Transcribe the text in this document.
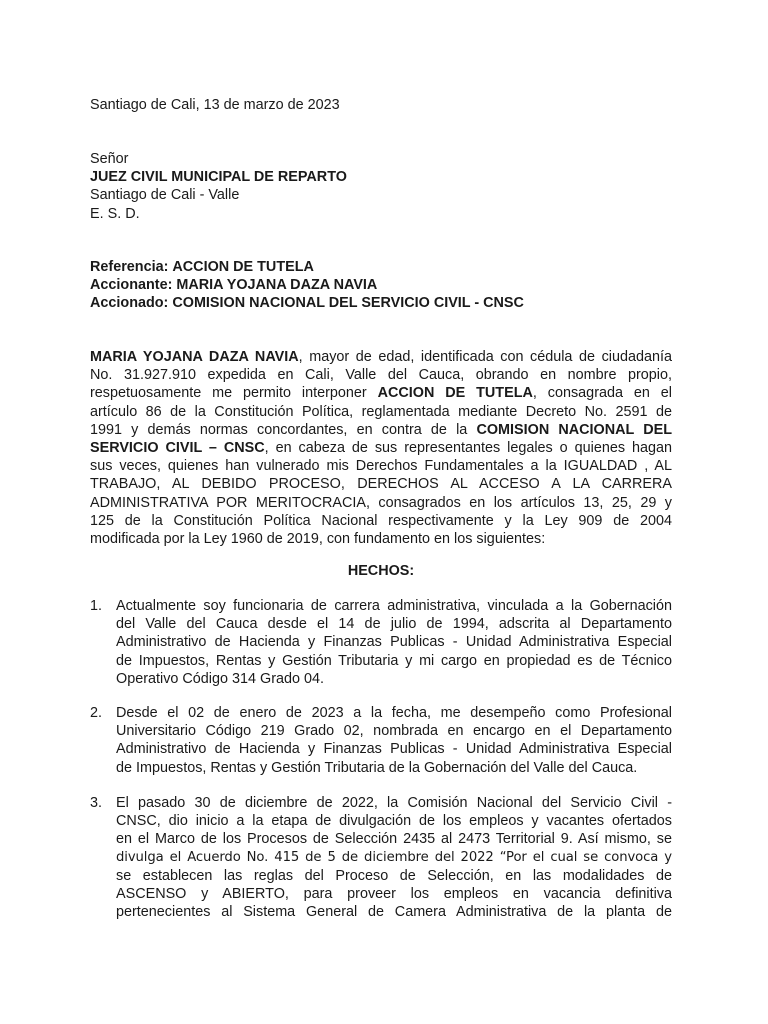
Santiago de Cali, 13 de marzo de 2023
Señor
JUEZ CIVIL MUNICIPAL DE REPARTO
Santiago de Cali - Valle
E. S. D.
Referencia: ACCION DE TUTELA
Accionante: MARIA YOJANA DAZA NAVIA
Accionado: COMISION NACIONAL DEL SERVICIO CIVIL - CNSC
MARIA YOJANA DAZA NAVIA, mayor de edad, identificada con cédula de ciudadanía
No. 31.927.910 expedida en Cali, Valle del Cauca, obrando en nombre propio,
respetuosamente me permito interponer ACCION DE TUTELA, consagrada en el
artículo 86 de la Constitución Política, reglamentada mediante Decreto No. 2591 de
1991 y demás normas concordantes, en contra de la COMISION NACIONAL DEL
SERVICIO CIVIL – CNSC, en cabeza de sus representantes legales o quienes hagan
sus veces, quienes han vulnerado mis Derechos Fundamentales a la IGUALDAD , AL
TRABAJO, AL DEBIDO PROCESO, DERECHOS AL ACCESO A LA CARRERA
ADMINISTRATIVA POR MERITOCRACIA, consagrados en los artículos 13, 25, 29 y
125 de la Constitución Política Nacional respectivamente y la Ley 909 de 2004
modificada por la Ley 1960 de 2019, con fundamento en los siguientes:
HECHOS:
1. Actualmente soy funcionaria de carrera administrativa, vinculada a la Gobernación
del Valle del Cauca desde el 14 de julio de 1994, adscrita al Departamento
Administrativo de Hacienda y Finanzas Publicas - Unidad Administrativa Especial
de Impuestos, Rentas y Gestión Tributaria y mi cargo en propiedad es de Técnico
Operativo Código 314 Grado 04.
2. Desde el 02 de enero de 2023 a la fecha, me desempeño como Profesional
Universitario Código 219 Grado 02, nombrada en encargo en el Departamento
Administrativo de Hacienda y Finanzas Publicas - Unidad Administrativa Especial
de Impuestos, Rentas y Gestión Tributaria de la Gobernación del Valle del Cauca.
3. El pasado 30 de diciembre de 2022, la Comisión Nacional del Servicio Civil -
CNSC, dio inicio a la etapa de divulgación de los empleos y vacantes ofertados
en el Marco de los Procesos de Selección 2435 al 2473 Territorial 9. Así mismo, se
divulga el Acuerdo No. 415 de 5 de diciembre del 2022 “Por el cual se convoca y
se establecen las reglas del Proceso de Selección, en las modalidades de
ASCENSO y ABIERTO, para proveer los empleos en vacancia definitiva
pertenecientes al Sistema General de Camera Administrativa de la planta de
